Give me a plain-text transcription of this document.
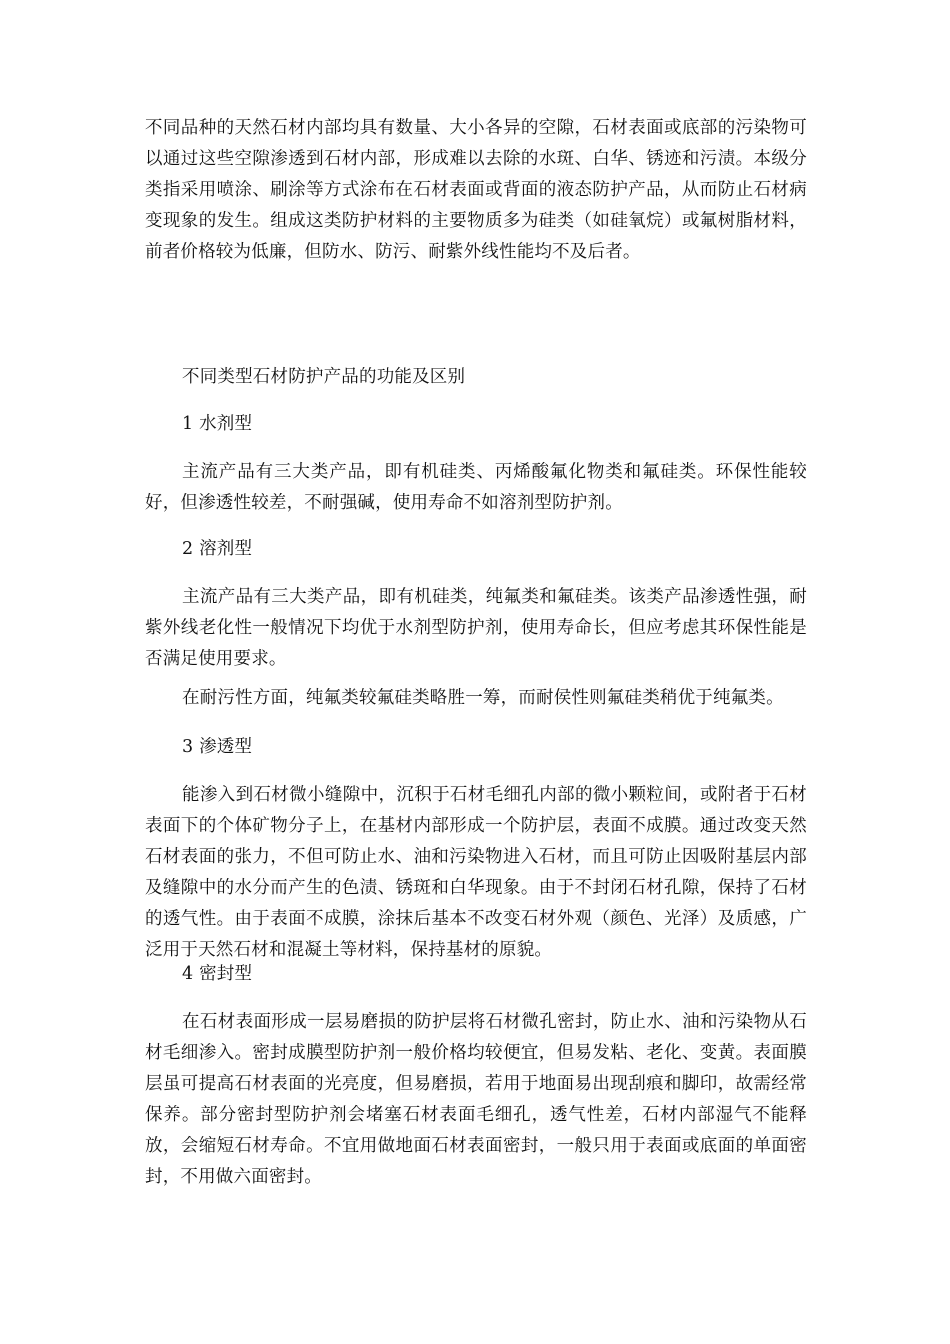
不同品种的天然石材内部均具有数量、大小各异的空隙，石材表面或底部的污染物可以通过这些空隙渗透到石材内部，形成难以去除的水斑、白华、锈迹和污渍。本级分类指采用喷涂、刷涂等方式涂布在石材表面或背面的液态防护产品，从而防止石材病变现象的发生。组成这类防护材料的主要物质多为硅类（如硅氧烷）或氟树脂材料，前者价格较为低廉，但防水、防污、耐紫外线性能均不及后者。

不同类型石材防护产品的功能及区别

1 水剂型

主流产品有三大类产品，即有机硅类、丙烯酸氟化物类和氟硅类。环保性能较好，但渗透性较差，不耐强碱，使用寿命不如溶剂型防护剂。

2 溶剂型

主流产品有三大类产品，即有机硅类，纯氟类和氟硅类。该类产品渗透性强，耐紫外线老化性一般情况下均优于水剂型防护剂，使用寿命长，但应考虑其环保性能是否满足使用要求。

在耐污性方面，纯氟类较氟硅类略胜一筹，而耐侯性则氟硅类稍优于纯氟类。

3 渗透型

能渗入到石材微小缝隙中，沉积于石材毛细孔内部的微小颗粒间，或附者于石材表面下的个体矿物分子上，在基材内部形成一个防护层，表面不成膜。通过改变天然石材表面的张力，不但可防止水、油和污染物进入石材，而且可防止因吸附基层内部及缝隙中的水分而产生的色渍、锈斑和白华现象。由于不封闭石材孔隙，保持了石材的透气性。由于表面不成膜，涂抹后基本不改变石材外观（颜色、光泽）及质感，广泛用于天然石材和混凝土等材料，保持基材的原貌。

4 密封型

在石材表面形成一层易磨损的防护层将石材微孔密封，防止水、油和污染物从石材毛细渗入。密封成膜型防护剂一般价格均较便宜，但易发粘、老化、变黄。表面膜层虽可提高石材表面的光亮度，但易磨损，若用于地面易出现刮痕和脚印，故需经常保养。部分密封型防护剂会堵塞石材表面毛细孔，透气性差，石材内部湿气不能释放，会缩短石材寿命。不宜用做地面石材表面密封，一般只用于表面或底面的单面密封，不用做六面密封。
